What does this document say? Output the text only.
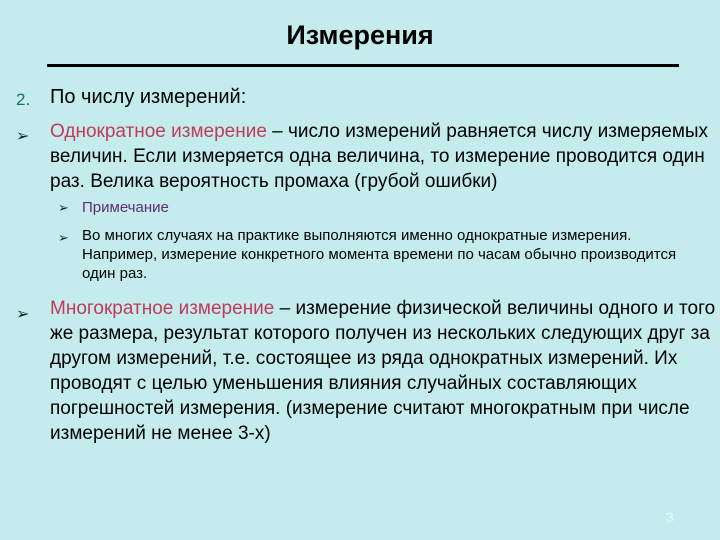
Измерения
2. По числу измерений:
➢ Однократное измерение – число измерений равняется числу измеряемых величин. Если измеряется одна величина, то измерение проводится один раз. Велика вероятность промаха (грубой ошибки)
➢ Примечание
➢ Во многих случаях на практике выполняются именно однократные измерения. Например, измерение конкретного момента времени по часам обычно производится один раз.
➢ Многократное измерение – измерение физической величины одного и того же размера, результат которого получен из нескольких следующих друг за другом измерений, т.е. состоящее из ряда однократных измерений. Их проводят с целью уменьшения влияния случайных составляющих погрешностей измерения. (измерение считают многократным при числе измерений не менее 3-х)
3
